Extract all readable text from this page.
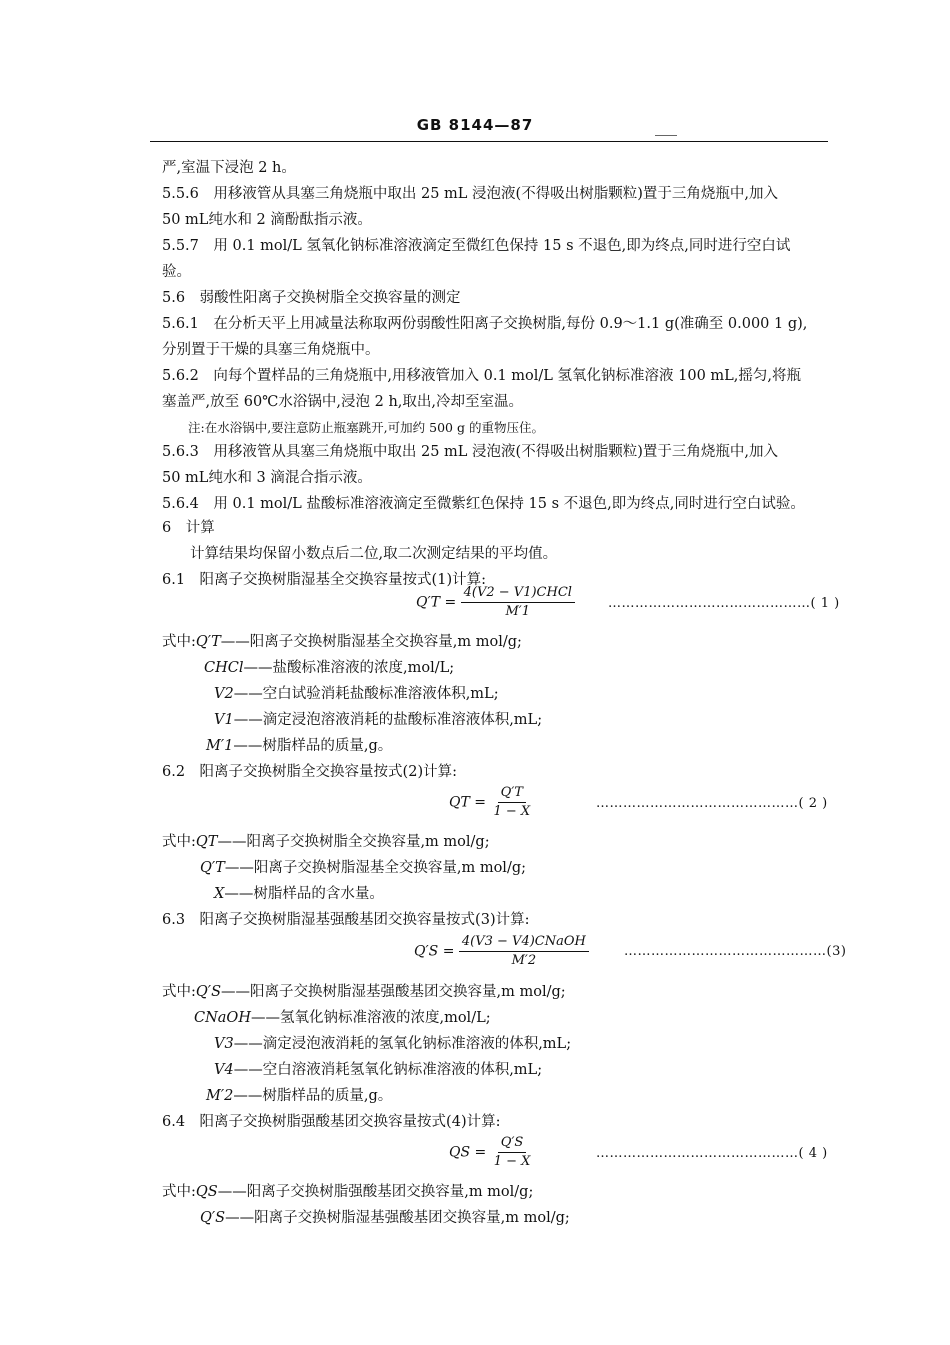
GB 8144—87
严,室温下浸泡 2 h。
5.5.6　用移液管从具塞三角烧瓶中取出 25 mL 浸泡液(不得吸出树脂颗粒)置于三角烧瓶中,加入
50 mL纯水和 2 滴酚酞指示液。
5.5.7　用 0.1 mol/L 氢氧化钠标准溶液滴定至微红色保持 15 s 不退色,即为终点,同时进行空白试
验。
5.6　弱酸性阳离子交换树脂全交换容量的测定
5.6.1　在分析天平上用减量法称取两份弱酸性阳离子交换树脂,每份 0.9～1.1 g(准确至 0.000 1 g),
分别置于干燥的具塞三角烧瓶中。
5.6.2　向每个置样品的三角烧瓶中,用移液管加入 0.1 mol/L 氢氧化钠标准溶液 100 mL,摇匀,将瓶
塞盖严,放至 60℃水浴锅中,浸泡 2 h,取出,冷却至室温。
注:在水浴锅中,要注意防止瓶塞跳开,可加约 500 g 的重物压住。
5.6.3　用移液管从具塞三角烧瓶中取出 25 mL 浸泡液(不得吸出树脂颗粒)置于三角烧瓶中,加入
50 mL纯水和 3 滴混合指示液。
5.6.4　用 0.1 mol/L 盐酸标准溶液滴定至微紫红色保持 15 s 不退色,即为终点,同时进行空白试验。
6　计算
计算结果均保留小数点后二位,取二次测定结果的平均值。
6.1　阳离子交换树脂湿基全交换容量按式(1)计算:
$Q'T = \frac{\text{4(V2 − V1)CHCl}}{M'1}$	………………………………………( 1 )
式中:Q′T——阳离子交换树脂湿基全交换容量,m mol/g;
CHCl——盐酸标准溶液的浓度,mol/L;
V2——空白试验消耗盐酸标准溶液体积,mL;
V1——滴定浸泡溶液消耗的盐酸标准溶液体积,mL;
M′1——树脂样品的质量,g。
6.2　阳离子交换树脂全交换容量按式(2)计算:
QT = $\frac{Q'T}{1 - X}$	………………………………………( 2 )
式中:QT——阳离子交换树脂全交换容量,m mol/g;
Q′T——阳离子交换树脂湿基全交换容量,m mol/g;
X——树脂样品的含水量。
6.3　阳离子交换树脂湿基强酸基团交换容量按式(3)计算:
$Q'S = \frac{\text{4(V3 − V4)CNaOH}}{M'2}$	………………………………………(3)
式中:Q′S——阳离子交换树脂湿基强酸基团交换容量,m mol/g;
CNaOH——氢氧化钠标准溶液的浓度,mol/L;
V3——滴定浸泡液消耗的氢氧化钠标准溶液的体积,mL;
V4——空白溶液消耗氢氧化钠标准溶液的体积,mL;
M′2——树脂样品的质量,g。
6.4　阳离子交换树脂强酸基团交换容量按式(4)计算:
QS = $\frac{Q'S}{1 - X}$	………………………………………( 4 )
式中:QS——阳离子交换树脂强酸基团交换容量,m mol/g;
Q′S——阳离子交换树脂湿基强酸基团交换容量,m mol/g;
